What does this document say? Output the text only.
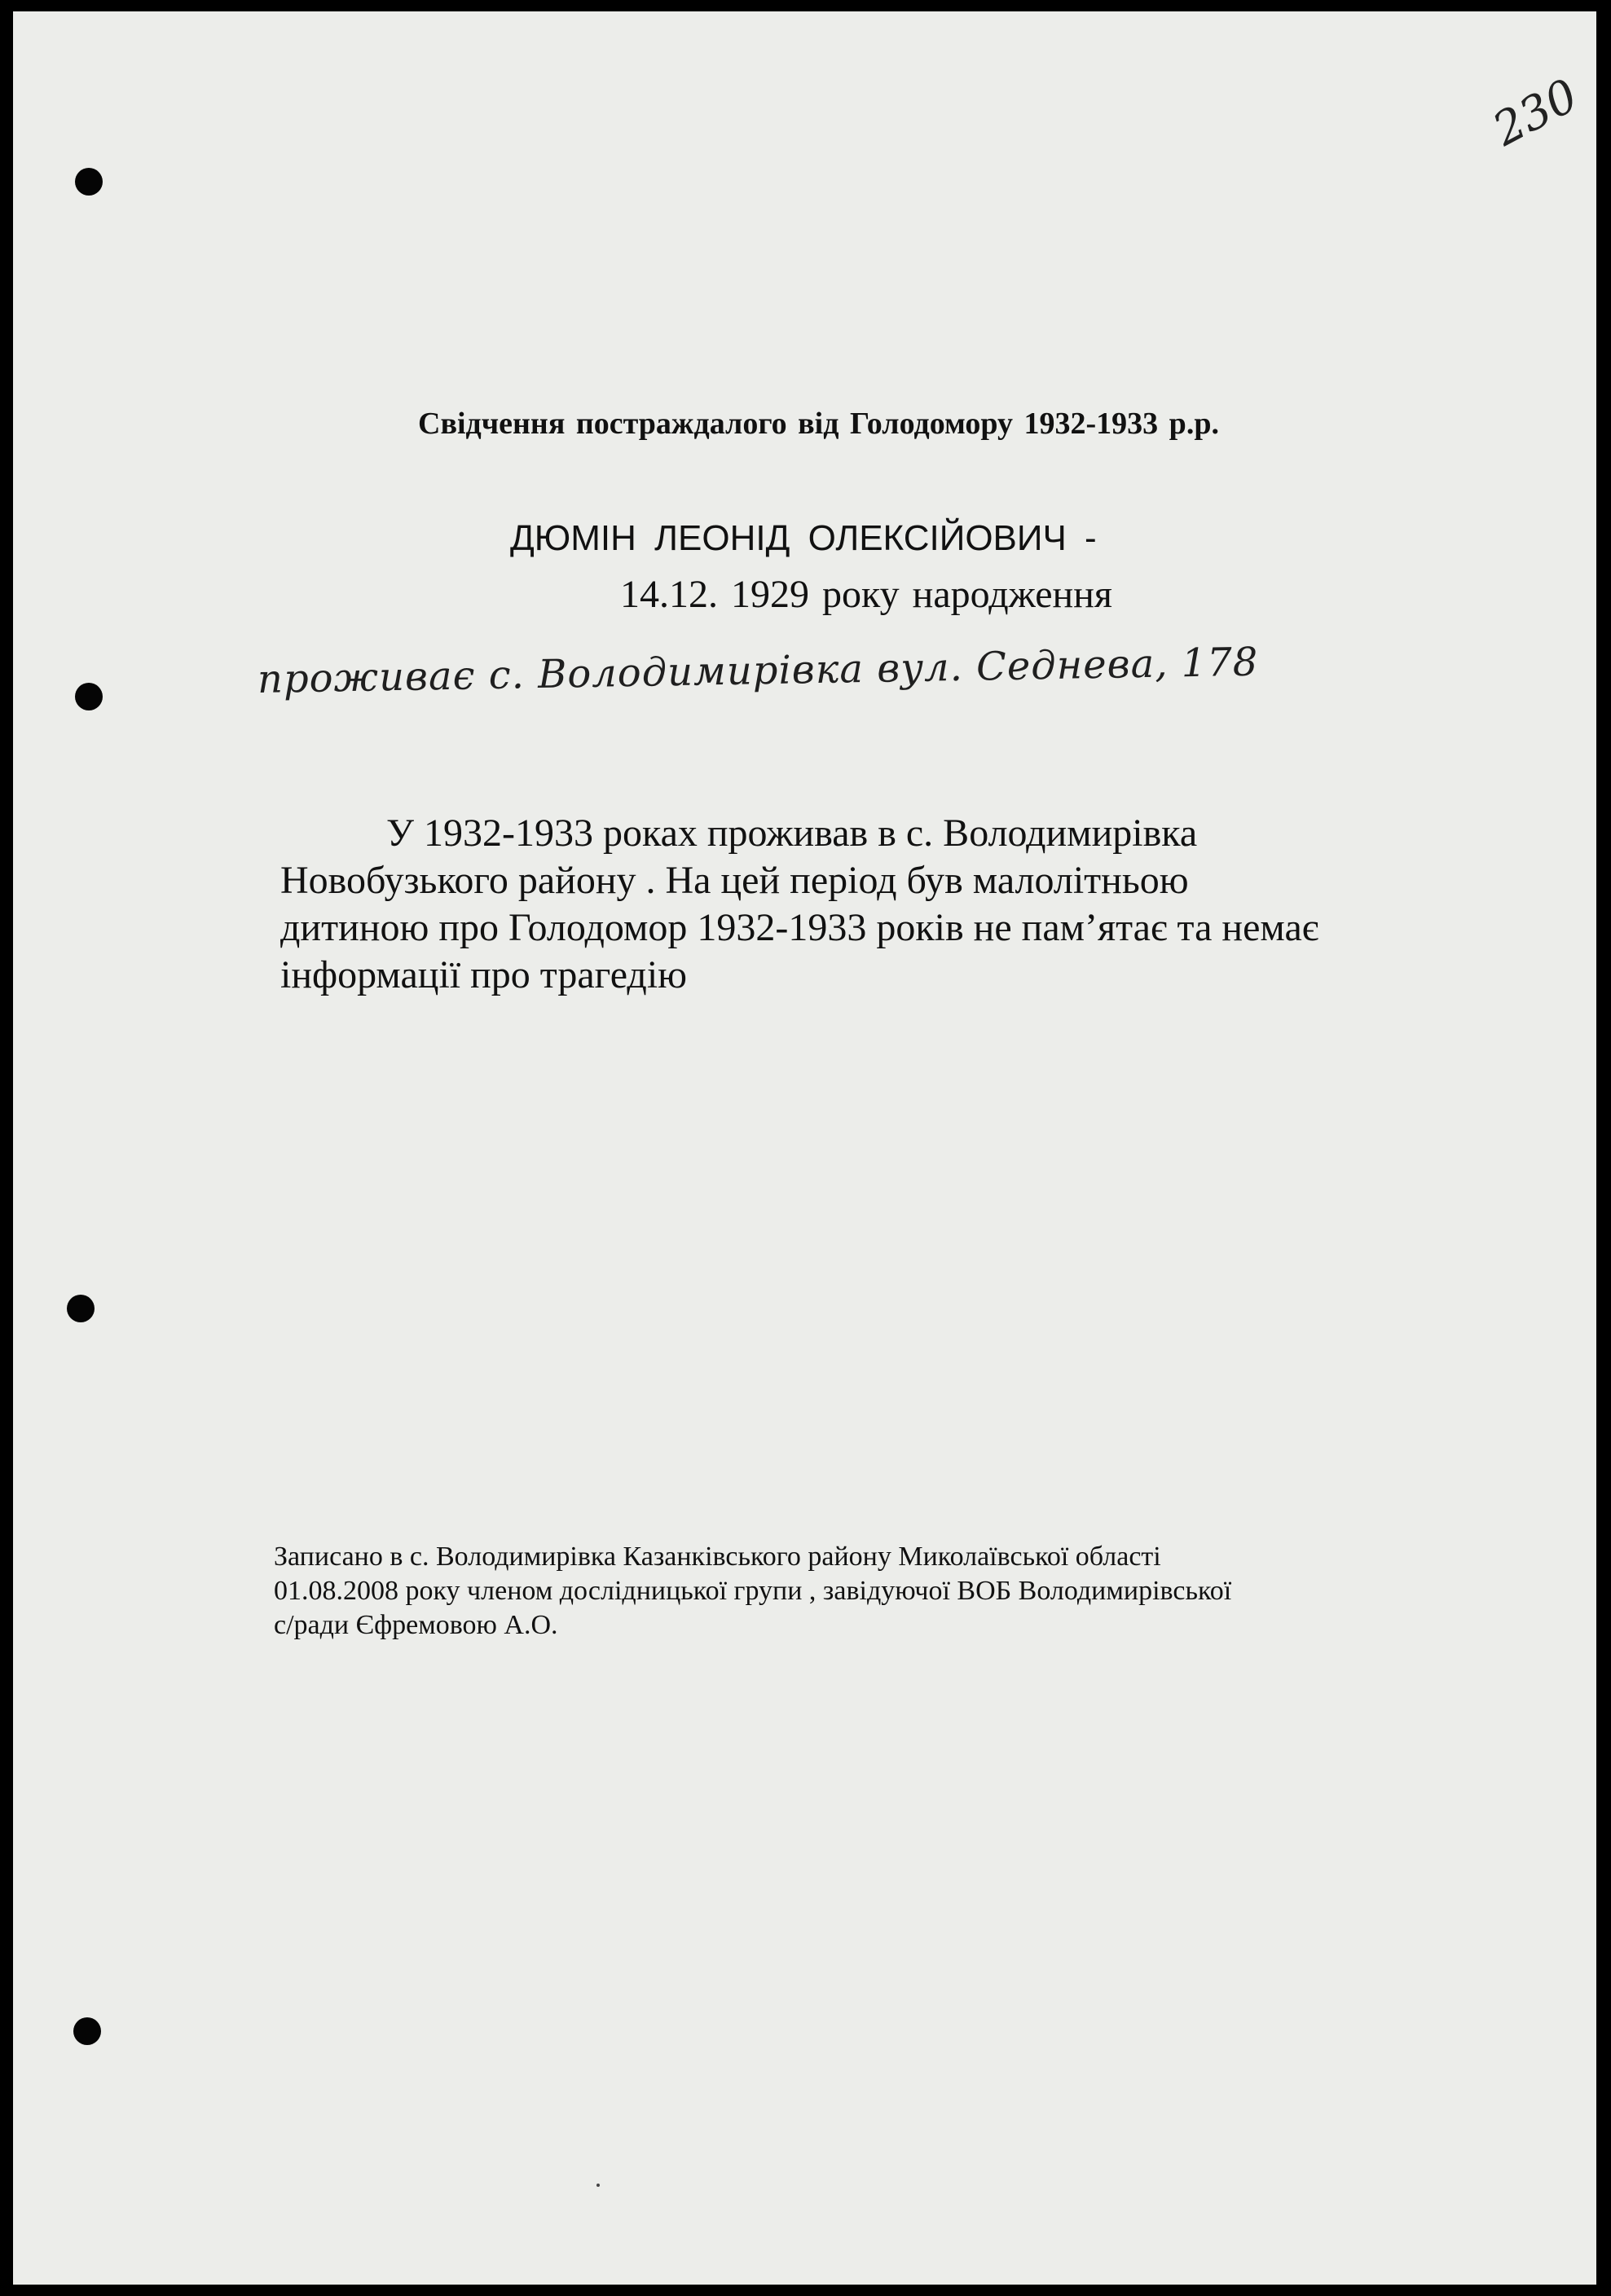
230
Свідчення постраждалого від Голодомору 1932-1933 р.р.
ДЮМІН ЛЕОНІД ОЛЕКСІЙОВИЧ -
14.12. 1929 року народження
проживає с. Володимирівка вул. Седнева, 178
У 1932-1933 роках проживав в с. Володимирівка
Новобузького району . На цей період був малолітньою
дитиною про Голодомор 1932-1933 років не пам’ятає та немає
інформації про трагедію
Записано в с. Володимирівка Казанківського району Миколаївської області
01.08.2008 року членом дослідницької групи , завідуючої ВОБ Володимирівської
с/ради Єфремовою А.О.
